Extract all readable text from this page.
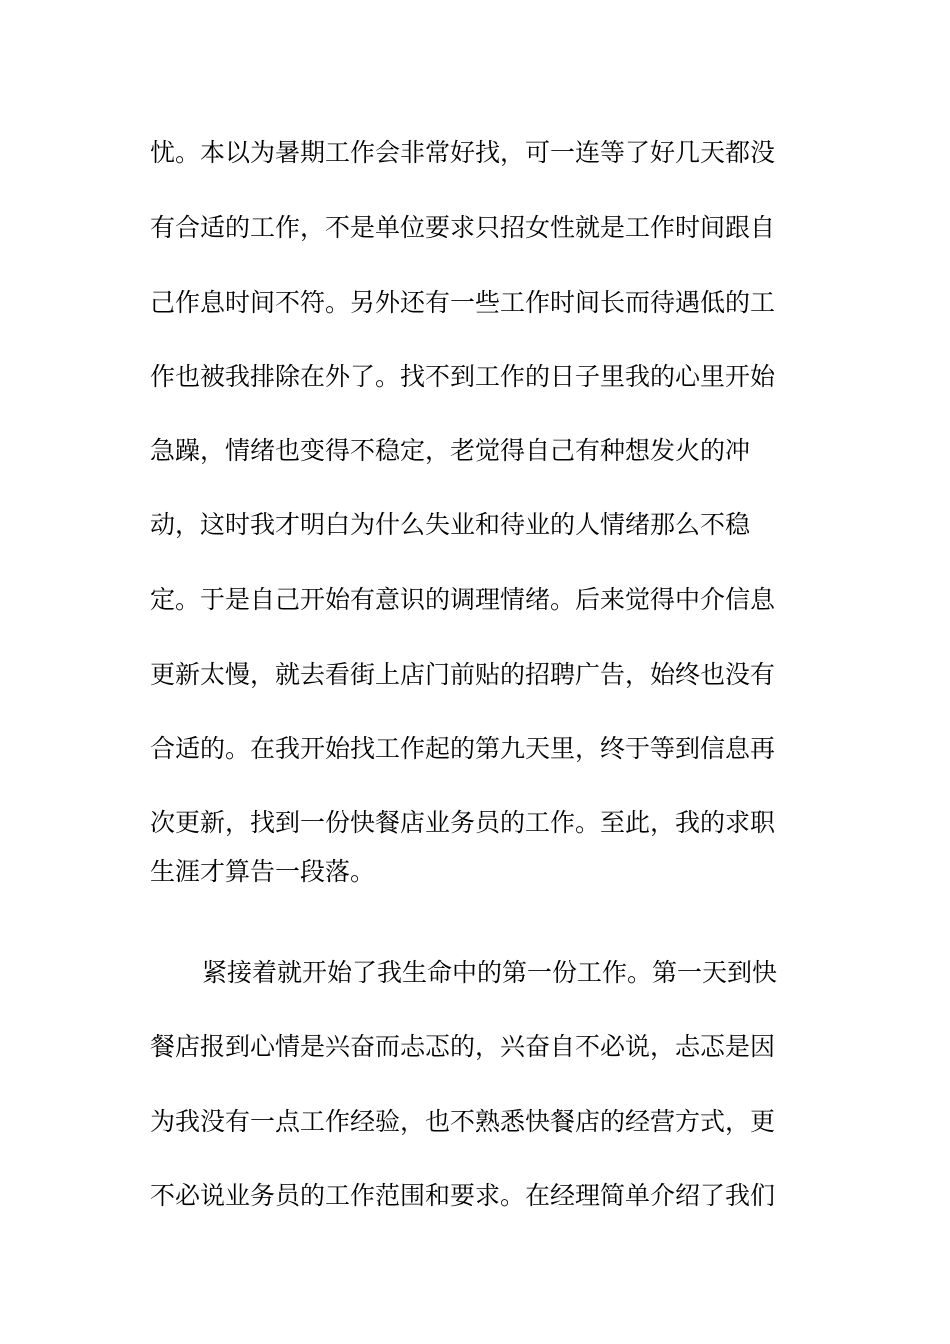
忧。本以为暑期工作会非常好找，可一连等了好几天都没
有合适的工作，不是单位要求只招女性就是工作时间跟自
己作息时间不符。另外还有一些工作时间长而待遇低的工
作也被我排除在外了。找不到工作的日子里我的心里开始
急躁，情绪也变得不稳定，老觉得自己有种想发火的冲
动，这时我才明白为什么失业和待业的人情绪那么不稳
定。于是自己开始有意识的调理情绪。后来觉得中介信息
更新太慢，就去看街上店门前贴的招聘广告，始终也没有
合适的。在我开始找工作起的第九天里，终于等到信息再
次更新，找到一份快餐店业务员的工作。至此，我的求职
生涯才算告一段落。
紧接着就开始了我生命中的第一份工作。第一天到快
餐店报到心情是兴奋而忐忑的，兴奋自不必说，忐忑是因
为我没有一点工作经验，也不熟悉快餐店的经营方式，更
不必说业务员的工作范围和要求。在经理简单介绍了我们
